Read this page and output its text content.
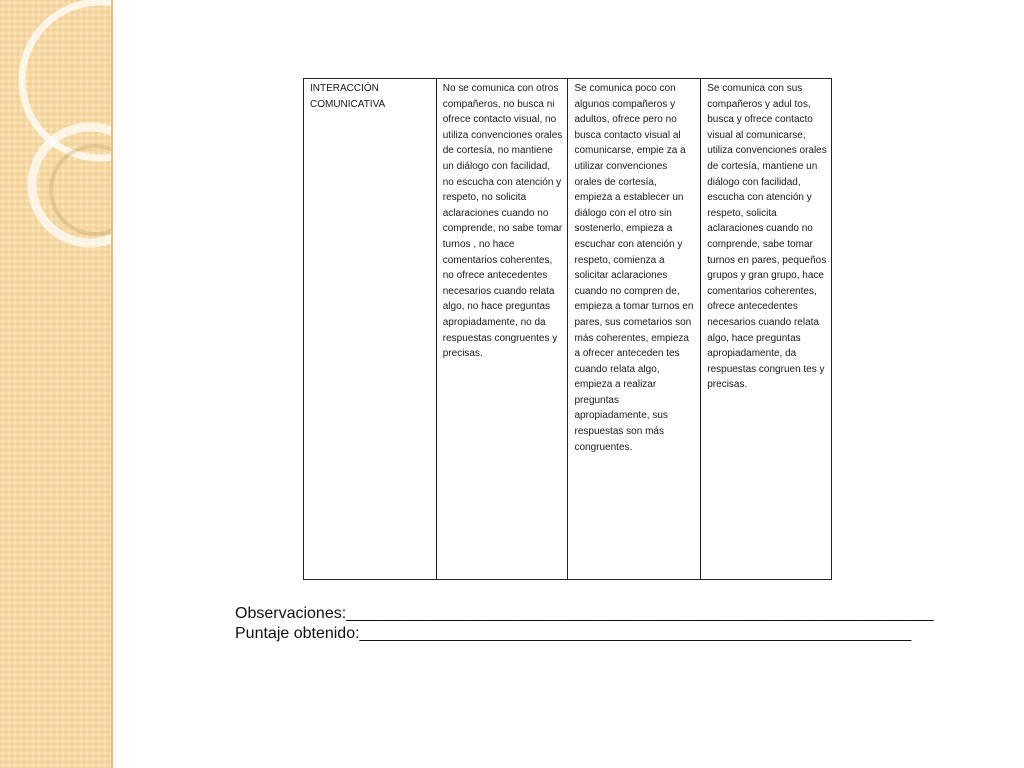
INTERACCIÓN COMUNICATIVA	No se comunica con otros compañeros, no busca ni ofrece contacto visual, no utiliza convenciones orales de cortesía, no mantiene un diálogo con facilidad, no escucha con atención y respeto, no solicita aclaraciones cuando no comprende, no sabe tomar turnos , no hace comentarios coherentes, no ofrece antecedentes necesarios cuando relata algo, no hace preguntas apropiadamente, no da respuestas congruentes y precisas.	Se comunica poco con algunos compañeros y adultos, ofrece pero no busca contacto visual al comunicarse, empie za a utilizar convenciones orales de cortesía, empieza a establecer un diálogo con el otro sin sostenerlo, empieza a escuchar con atención y respeto, comienza a solicitar aclaraciones cuando no compren de, empieza a tomar turnos en pares, sus cometarios son más coherentes, empieza a ofrecer anteceden tes cuando relata algo, empieza a realizar preguntas apropiadamente, sus respuestas son más congruentes.	Se comunica con sus compañeros y adul tos, busca y ofrece contacto visual al comunicarse, utiliza convenciones orales de cortesía, mantiene un diálogo con facilidad, escucha con atención y respeto, solicita aclaraciones cuando no comprende, sabe tomar turnos en pares, pequeños grupos y gran grupo, hace comentarios coherentes, ofrece antecedentes necesarios cuando relata algo, hace preguntas apropiadamente, da respuestas congruen tes y precisas.
Observaciones:__________________________________________________________________
Puntaje obtenido:______________________________________________________________
